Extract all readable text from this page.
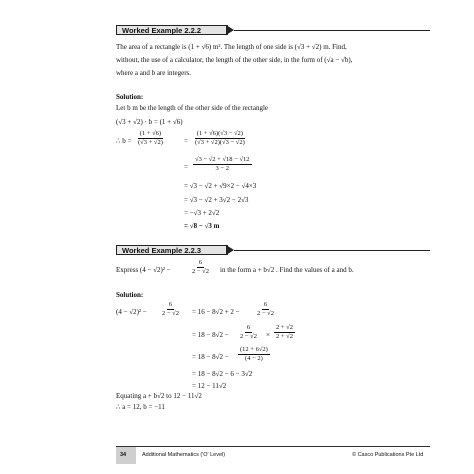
Worked Example 2.2.2
The area of a rectangle is (1 + √6) m². The length of one side is (√3 + √2) m. Find,
without, the use of a calculator, the length of the other side, in the form of (√a − √b),
where a and b are integers.
Solution:
Let b m be the length of the other side of the rectangle
(√3 + √2) · b = (1 + √6)
∴ $b = \frac{(1 + √6)}{(√3 + √2)}$	= $\frac{(1 + √6)(√3 - √2)}{(√3 + √2)(√3 - √2)}$
= $\frac{√3 - √2 + √18 - √12}{3 - 2}$
= √3 − √2 + √9×2 − √4×3
= √3 − √2 + 3√2 − 2√3
= −√3 + 2√2
= √8 − √3 m
Worked Example 2.2.3
Express (4 − √2)² −	$\frac{6}{2 - √2}$ in the form a + b√2 . Find the values of a and b.
Solution:
$(4 - √2)^2 - \frac{6}{2 - √2} = 16 - 8√2 + 2 - \frac{6}{2 - √2}$
= $18 - 8√2 - \frac{6}{2 - √2} \times \frac{2 + √2}{2 + √2}$
= $18 - 8√2 - \frac{(12 + 6√2)}{(4 - 2)}$
= 18 − 8√2 − 6 − 3√2
= 12 − 11√2
Equating a + b√2 to 12 − 11√2
∴ a = 12, b = −11
34	Additional Mathematics ('O' Level)	© Casco Publications Pte Ltd
